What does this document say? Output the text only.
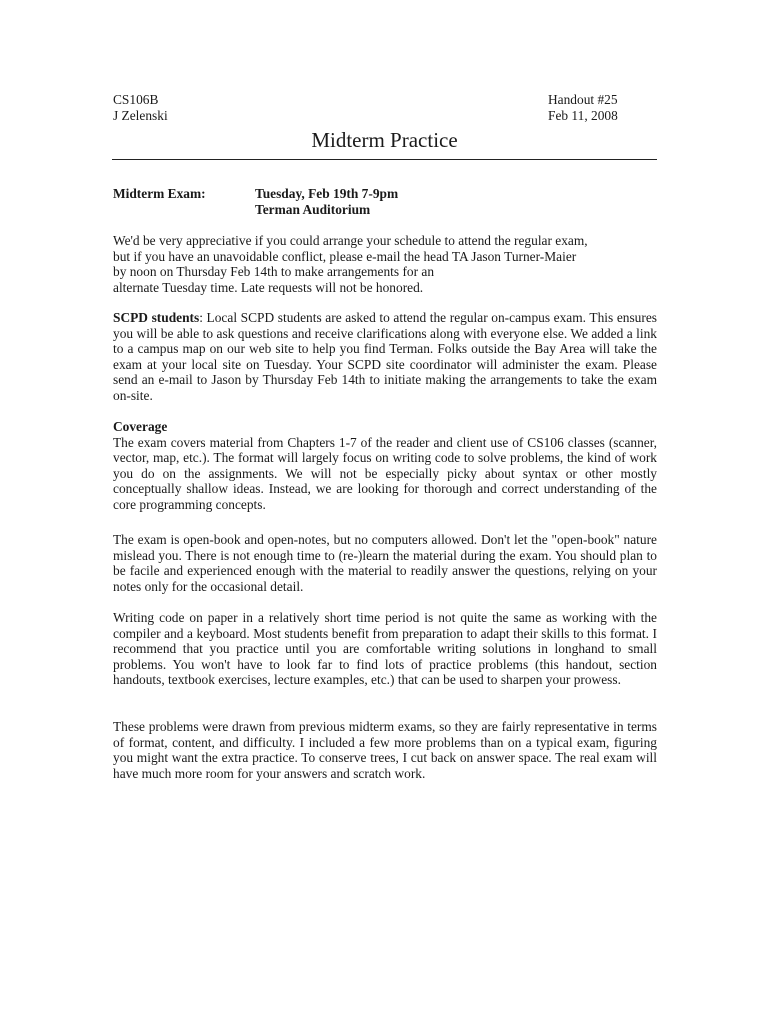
CS106B
J Zelenski
Handout #25
Feb 11, 2008
Midterm Practice
Midterm Exam:	Tuesday, Feb 19th 7-9pm
Terman Auditorium
We'd be very appreciative if you could arrange your schedule to attend the regular exam,
but if you have an unavoidable conflict, please e-mail the head TA Jason Turner-Maier
by noon on Thursday Feb 14th to make arrangements for an
alternate Tuesday time. Late requests will not be honored.

SCPD students: Local SCPD students are asked to attend the regular on-campus exam. This ensures you will be able to ask questions and receive clarifications along with everyone else. We added a link to a campus map on our web site to help you find Terman. Folks outside the Bay Area will take the exam at your local site on Tuesday. Your SCPD site coordinator will administer the exam. Please send an e-mail to Jason by Thursday Feb 14th to initiate making the arrangements to take the exam on-site.

Coverage

The exam covers material from Chapters 1-7 of the reader and client use of CS106 classes (scanner, vector, map, etc.). The format will largely focus on writing code to solve problems, the kind of work you do on the assignments. We will not be especially picky about syntax or other mostly conceptually shallow ideas. Instead, we are looking for thorough and correct understanding of the core programming concepts.

The exam is open-book and open-notes, but no computers allowed. Don't let the "open-book" nature mislead you. There is not enough time to (re-)learn the material during the exam. You should plan to be facile and experienced enough with the material to readily answer the questions, relying on your notes only for the occasional detail.

Writing code on paper in a relatively short time period is not quite the same as working with the compiler and a keyboard. Most students benefit from preparation to adapt their skills to this format. I recommend that you practice until you are comfortable writing solutions in longhand to small problems. You won't have to look far to find lots of practice problems (this handout, section handouts, textbook exercises, lecture examples, etc.) that can be used to sharpen your prowess.

These problems were drawn from previous midterm exams, so they are fairly representative in terms of format, content, and difficulty. I included a few more problems than on a typical exam, figuring you might want the extra practice. To conserve trees, I cut back on answer space. The real exam will have much more room for your answers and scratch work.
